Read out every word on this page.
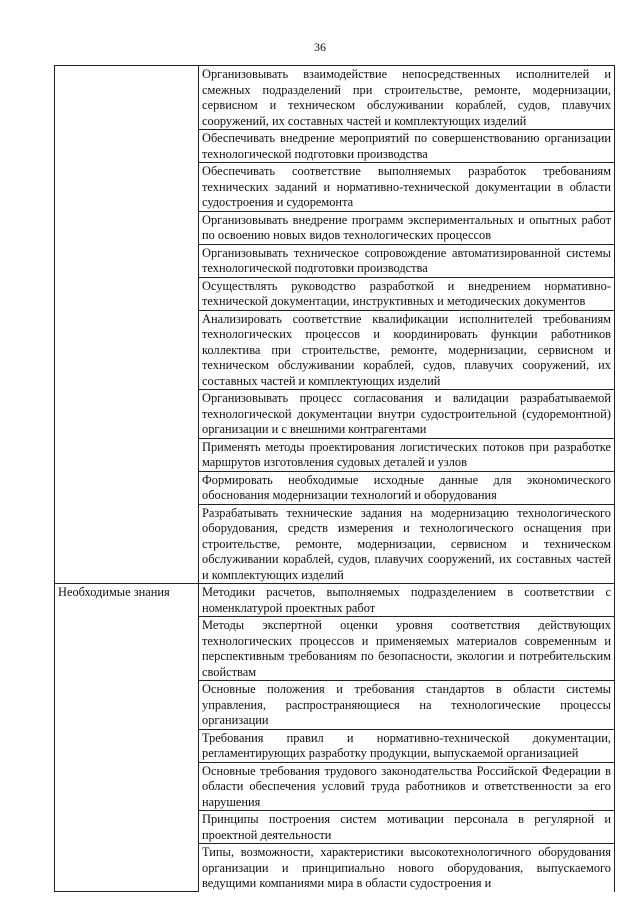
36

	Организовывать взаимодействие непосредственных исполнителей и смежных подразделений при строительстве, ремонте, модернизации, сервисном и техническом обслуживании кораблей, судов, плавучих сооружений, их составных частей и комплектующих изделий

	Обеспечивать внедрение мероприятий по совершенствованию организации технологической подготовки производства

	Обеспечивать соответствие выполняемых разработок требованиям технических заданий и нормативно-технической документации в области судостроения и судоремонта

	Организовывать внедрение программ экспериментальных и опытных работ по освоению новых видов технологических процессов

	Организовывать техническое сопровождение автоматизированной системы технологической подготовки производства

	Осуществлять руководство разработкой и внедрением нормативно-технической документации, инструктивных и методических документов

	Анализировать соответствие квалификации исполнителей требованиям технологических процессов и координировать функции работников коллектива при строительстве, ремонте, модернизации, сервисном и техническом обслуживании кораблей, судов, плавучих сооружений, их составных частей и комплектующих изделий

	Организовывать процесс согласования и валидации разрабатываемой технологической документации внутри судостроительной (судоремонтной) организации и с внешними контрагентами

	Применять методы проектирования логистических потоков при разработке маршрутов изготовления судовых деталей и узлов

	Формировать необходимые исходные данные для экономического обоснования модернизации технологий и оборудования

	Разрабатывать технические задания на модернизацию технологического оборудования, средств измерения и технологического оснащения при строительстве, ремонте, модернизации, сервисном и техническом обслуживании кораблей, судов, плавучих сооружений, их составных частей и комплектующих изделий

Необходимые знания	Методики расчетов, выполняемых подразделением в соответствии с номенклатурой проектных работ

	Методы экспертной оценки уровня соответствия действующих технологических процессов и применяемых материалов современным и перспективным требованиям по безопасности, экологии и потребительским свойствам

	Основные положения и требования стандартов в области системы управления, распространяющиеся на технологические процессы организации

	Требования правил и нормативно-технической документации, регламентирующих разработку продукции, выпускаемой организацией

	Основные требования трудового законодательства Российской Федерации в области обеспечения условий труда работников и ответственности за его нарушения

	Принципы построения систем мотивации персонала в регулярной и проектной деятельности

	Типы, возможности, характеристики высокотехнологичного оборудования организации и принципиально нового оборудования, выпускаемого ведущими компаниями мира в области судостроения и
